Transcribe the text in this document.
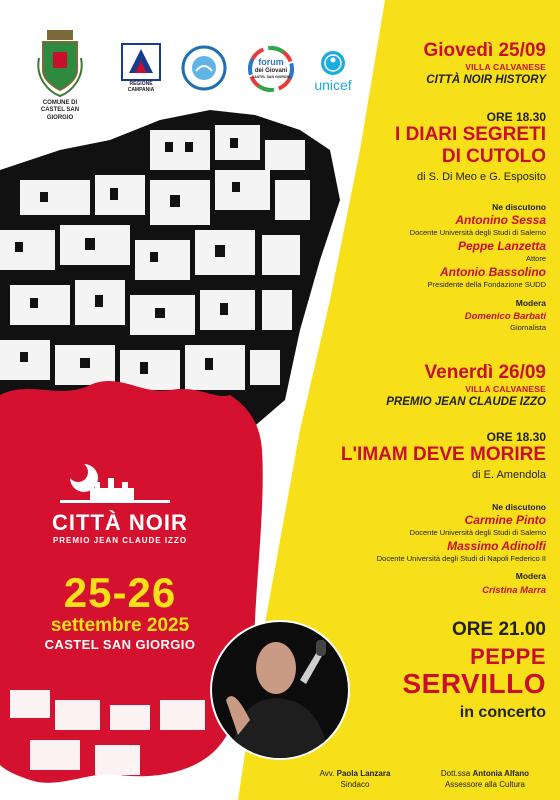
COMUNE DI
CASTEL SAN GIORGIO
REGIONE CAMPANIA
forum
dei Giovani
CASTEL SAN GIORGIO	unicef
Giovedì 25/09
VILLA CALVANESE
CITTÀ NOIR HISTORY
ORE 18.30
I DIARI SEGRETI
DI CUTOLO
di S. Di Meo e G. Esposito
Ne discutono
Antonino Sessa
Docente Università degli Studi di Salerno
Peppe Lanzetta
Attore
Antonio Bassolino
Presidente della Fondazione SUDD
Modera
Domenico Barbati
Giornalista
Venerdì 26/09
VILLA CALVANESE
PREMIO JEAN CLAUDE IZZO
ORE 18.30
L'IMAM DEVE MORIRE
di E. Amendola
Ne discutono
Carmine Pinto
Docente Università degli Studi di Salerno
Massimo Adinolfi
Docente Università degli Studi di Napoli Federico II
Modera
Cristina Marra
ORE 21.00
PEPPE
SERVILLO
in concerto
CITTÀ NOIR
PREMIO JEAN CLAUDE IZZO
25-26
settembre 2025
CASTEL SAN GIORGIO
Avv. Paola Lanzara
Sindaco
Dott.ssa Antonia Alfano
Assessore alla Cultura
